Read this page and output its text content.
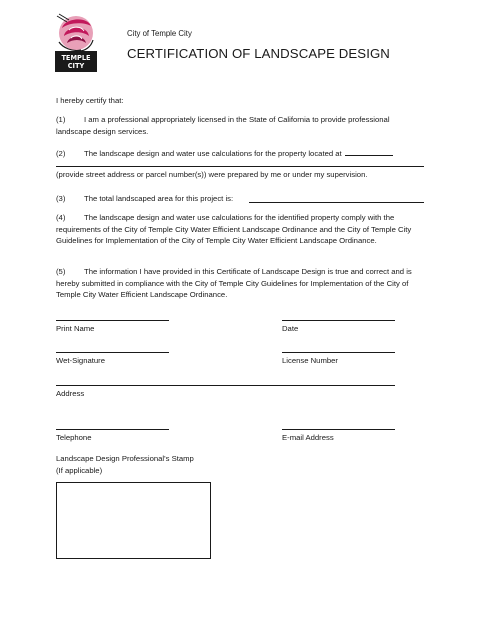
TEMPLE
CITY
City of Temple City
CERTIFICATION OF LANDSCAPE DESIGN
I hereby certify that:
(1) I am a professional appropriately licensed in the State of California to provide professional landscape design services.
(2) The landscape design and water use calculations for the property located at
(provide street address or parcel number(s)) were prepared by me or under my supervision.
(3) The total landscaped area for this project is:
(4) The landscape design and water use calculations for the identified property comply with the requirements of the City of Temple City Water Efficient Landscape Ordinance and the City of Temple City Guidelines for Implementation of the City of Temple City Water Efficient Landscape Ordinance.
(5) The information I have provided in this Certificate of Landscape Design is true and correct and is hereby submitted in compliance with the City of Temple City Guidelines for Implementation of the City of Temple City Water Efficient Landscape Ordinance.
Print Name	Date
Wet-Signature	License Number
Address
Telephone	E-mail Address
Landscape Design Professional's Stamp
(If applicable)
